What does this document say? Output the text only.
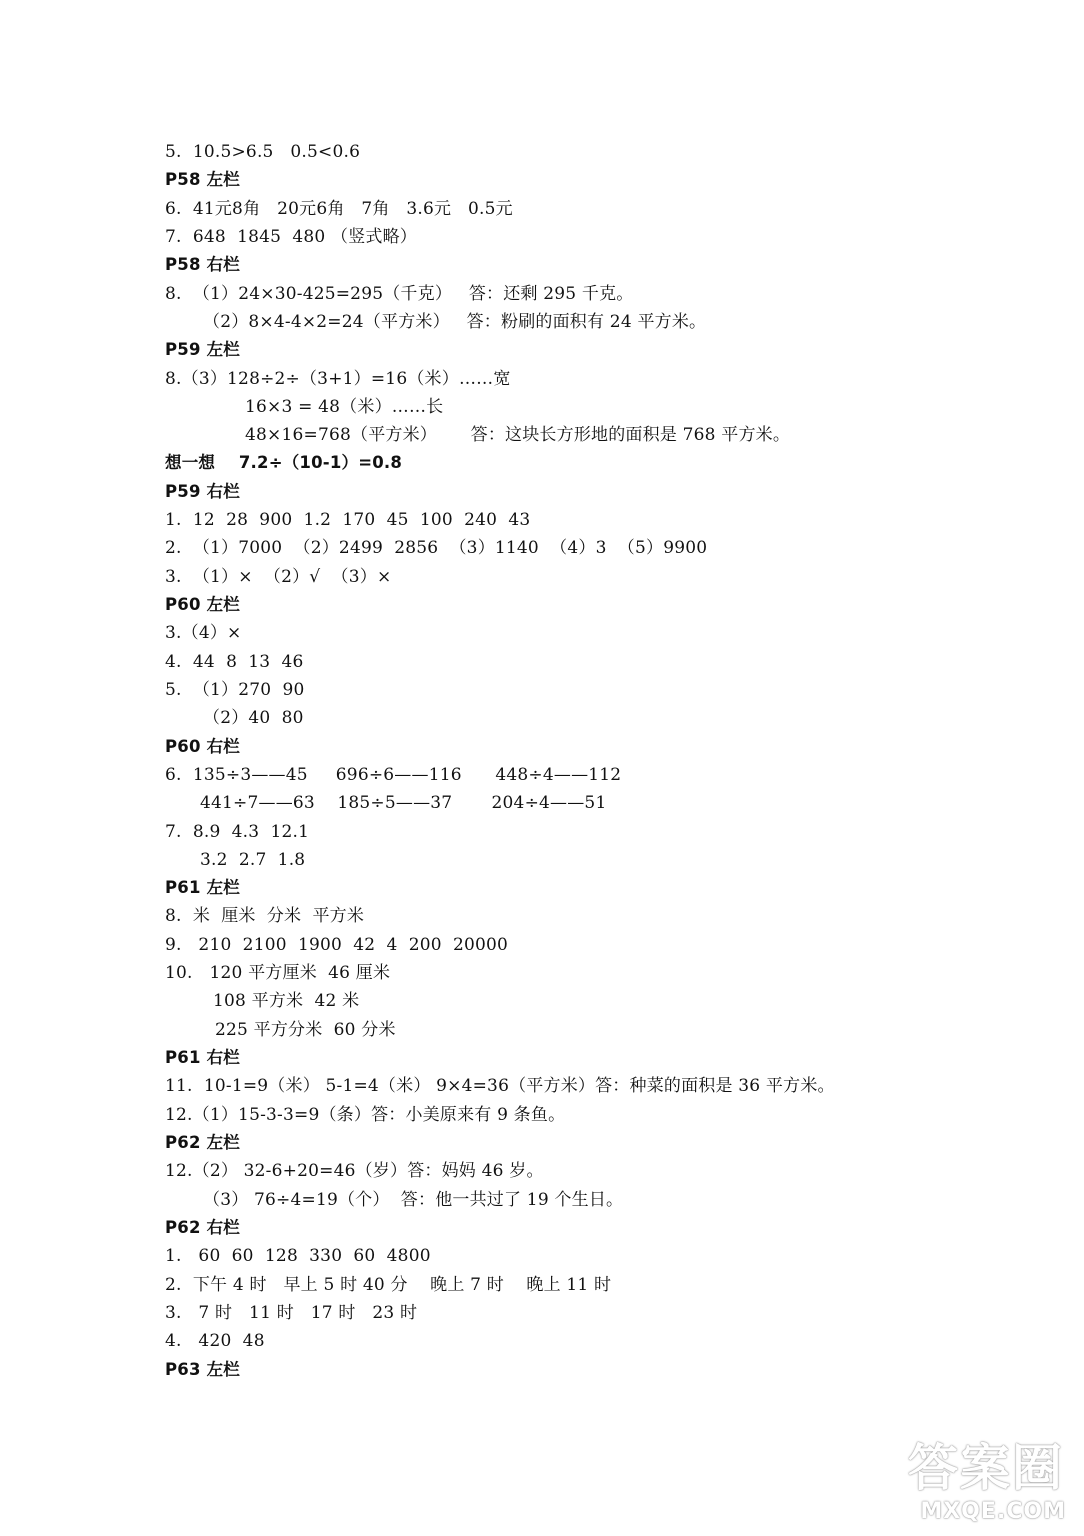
5.  10.5>6.5   0.5<0.6
P58 左栏
6.  41元8角   20元6角   7角   3.6元   0.5元
7.  648  1845  480 （竖式略）
P58 右栏
8.  （1）24×30-425=295（千克）   答：还剩 295 千克。
（2）8×4-4×2=24（平方米）   答：粉刷的面积有 24 平方米。
P59 左栏
8.（3）128÷2÷（3+1）=16（米）……宽
16×3 = 48（米）……长
48×16=768（平方米）      答：这块长方形地的面积是 768 平方米。
想一想    7.2÷（10-1）=0.8
P59 右栏
1.  12  28  900  1.2  170  45  100  240  43
2.  （1）7000  （2）2499  2856  （3）1140  （4）3  （5）9900
3.  （1）×  （2）√  （3）×
P60 左栏
3.（4）×
4.  44  8  13  46
5.  （1）270  90
（2）40  80
P60 右栏
6.  135÷3——45     696÷6——116      448÷4——112
441÷7——63    185÷5——37       204÷4——51
7.  8.9  4.3  12.1
3.2  2.7  1.8
P61 左栏
8.  米  厘米  分米  平方米
9.   210  2100  1900  42  4  200  20000
10.   120 平方厘米  46 厘米
108 平方米  42 米
225 平方分米  60 分米
P61 右栏
11.  10-1=9（米） 5-1=4（米） 9×4=36（平方米）答：种菜的面积是 36 平方米。
12.（1）15-3-3=9（条）答：小美原来有 9 条鱼。
P62 左栏
12.（2） 32-6+20=46（岁）答：妈妈 46 岁。
（3） 76÷4=19（个）  答：他一共过了 19 个生日。
P62 右栏
1.   60  60  128  330  60  4800
2.  下午 4 时   早上 5 时 40 分    晚上 7 时    晚上 11 时
3.   7 时   11 时   17 时   23 时
4.   420  48
P63 左栏
答案圈
MXQE.COM
